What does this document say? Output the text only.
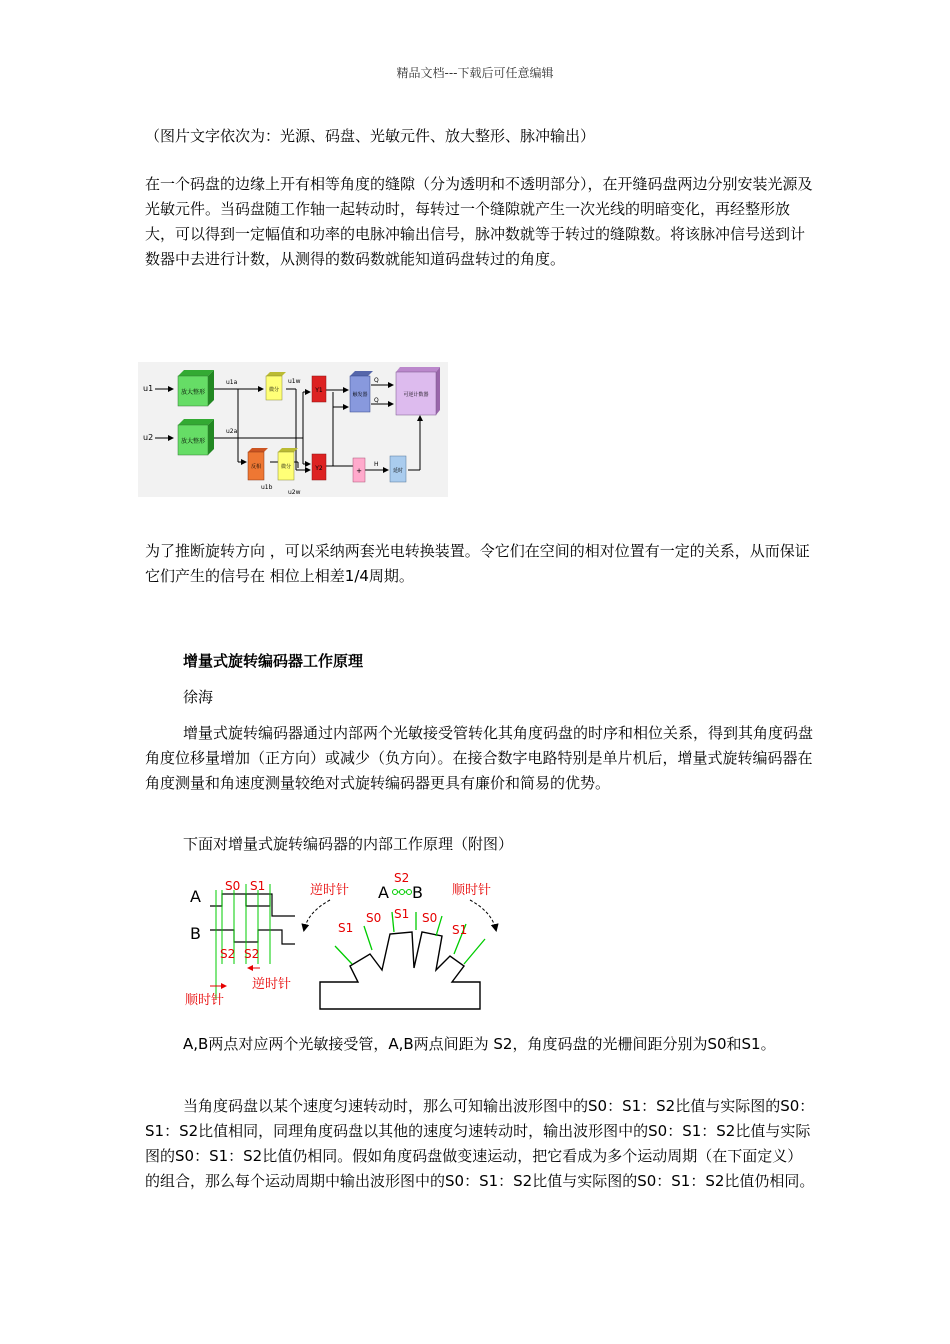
精品文档---下载后可任意编辑

（图片文字依次为：光源、码盘、光敏元件、放大整形、脉冲输出）

在一个码盘的边缘上开有相等角度的缝隙（分为透明和不透明部分），在开缝码盘两边分别安装光源及光敏元件。当码盘随工作轴一起转动时，每转过一个缝隙就产生一次光线的明暗变化，再经整形放大，可以得到一定幅值和功率的电脉冲输出信号，脉冲数就等于转过的缝隙数。将该脉冲信号送到计数器中去进行计数，从测得的数码数就能知道码盘转过的角度。

u1
u2
放大整形
放大整形
微分
反相	微分
Y1
Y2
触发器
+	延时
可逆计数器
u1a
u2a
u1w
u1b
u2w
Q
Q
H

为了推断旋转方向 ，可以采纳两套光电转换装置。令它们在空间的相对位置有一定的关系，从而保证它们产生的信号在 相位上相差1/4周期。

增量式旋转编码器工作原理
徐海

增量式旋转编码器通过内部两个光敏接受管转化其角度码盘的时序和相位关系，得到其角度码盘角度位移量增加（正方向）或减少（负方向）。在接合数字电路特别是单片机后，增量式旋转编码器在角度测量和角速度测量较绝对式旋转编码器更具有廉价和简易的优势。

下面对增量式旋转编码器的内部工作原理（附图）

A
B
S0 S1
S2 S2
逆时针
顺时针
逆时针	顺时针
S2
S1
S0 S1 S0
S1
A B

A,B两点对应两个光敏接受管，A,B两点间距为 S2，角度码盘的光栅间距分别为S0和S1。

当角度码盘以某个速度匀速转动时，那么可知输出波形图中的S0：S1：S2比值与实际图的S0：S1：S2比值相同，同理角度码盘以其他的速度匀速转动时，输出波形图中的S0：S1：S2比值与实际图的S0：S1：S2比值仍相同。假如角度码盘做变速运动，把它看成为多个运动周期（在下面定义）的组合，那么每个运动周期中输出波形图中的S0：S1：S2比值与实际图的S0：S1：S2比值仍相同。
